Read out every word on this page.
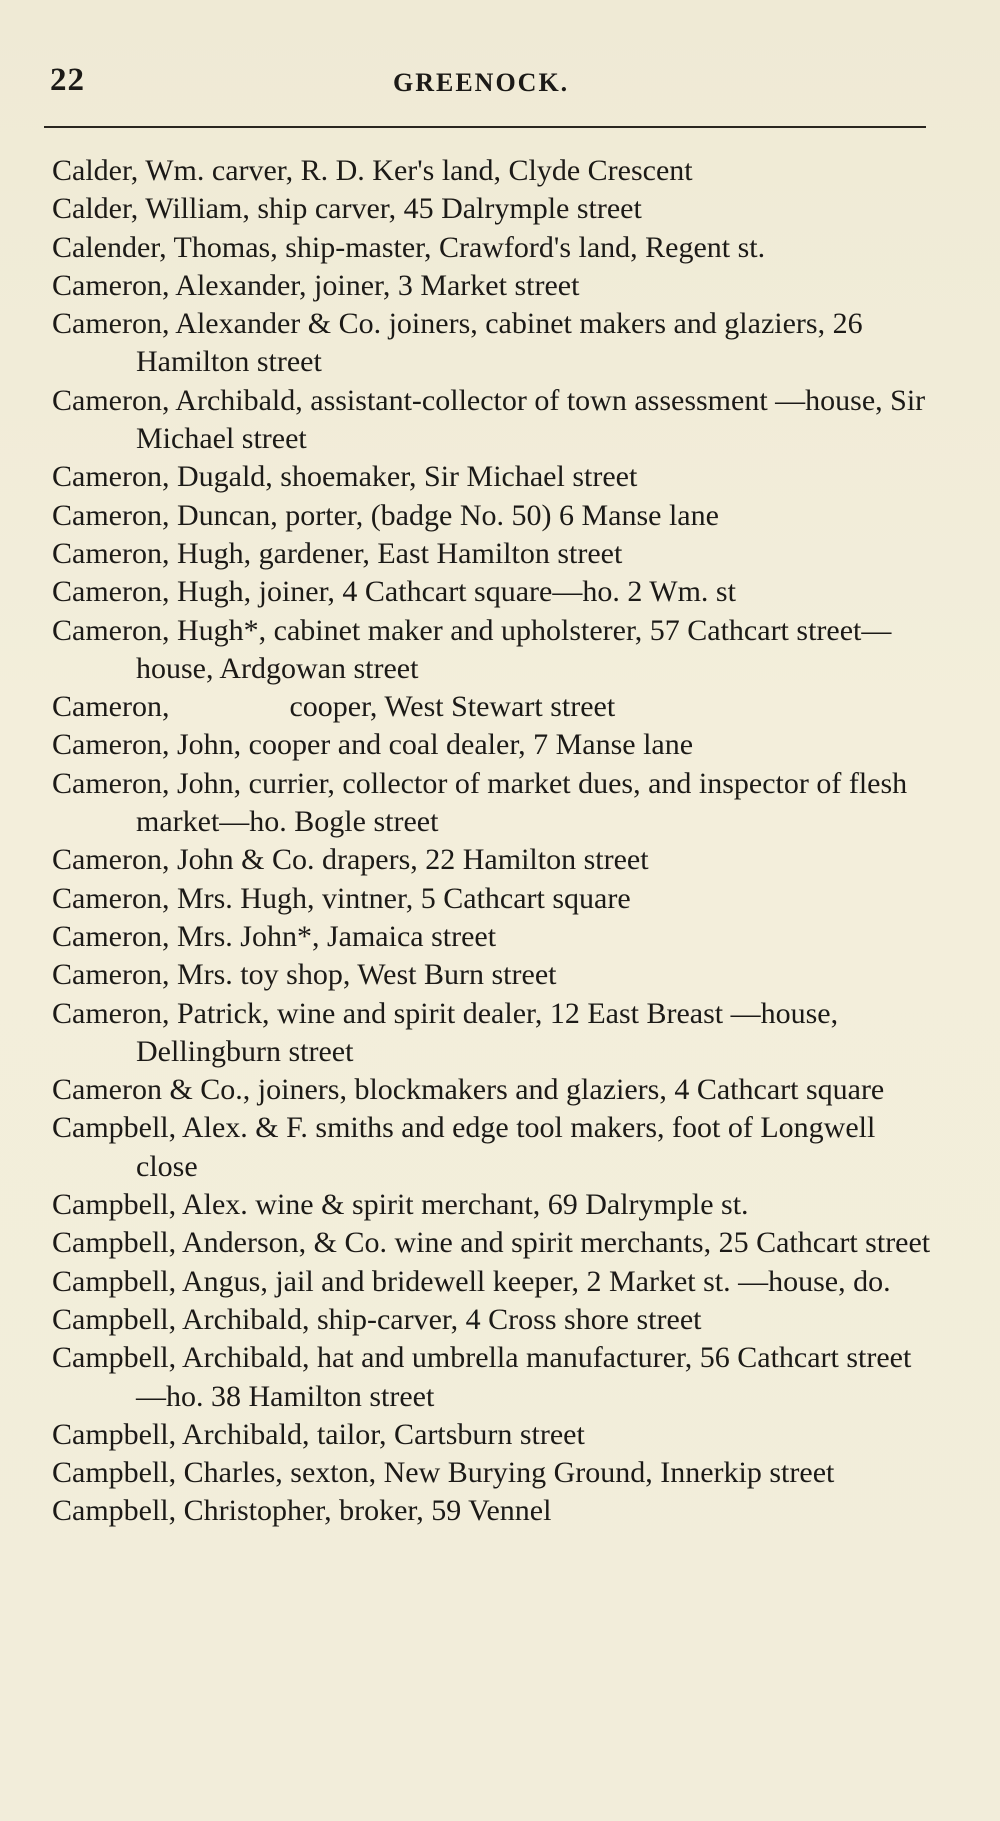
22	GREENOCK.
Calder, Wm. carver, R. D. Ker's land, Clyde Crescent
Calder, William, ship carver, 45 Dalrymple street
Calender, Thomas, ship-master, Crawford's land, Regent st.
Cameron, Alexander, joiner, 3 Market street
Cameron, Alexander & Co. joiners, cabinet makers and glaziers, 26 Hamilton street
Cameron, Archibald, assistant-collector of town assessment —house, Sir Michael street
Cameron, Dugald, shoemaker, Sir Michael street
Cameron, Duncan, porter, (badge No. 50) 6 Manse lane
Cameron, Hugh, gardener, East Hamilton street
Cameron, Hugh, joiner, 4 Cathcart square—ho. 2 Wm. st
Cameron, Hugh*, cabinet maker and upholsterer, 57 Cathcart street—house, Ardgowan street
Cameron,                cooper, West Stewart street
Cameron, John, cooper and coal dealer, 7 Manse lane
Cameron, John, currier, collector of market dues, and inspector of flesh market—ho. Bogle street
Cameron, John & Co. drapers, 22 Hamilton street
Cameron, Mrs. Hugh, vintner, 5 Cathcart square
Cameron, Mrs. John*, Jamaica street
Cameron, Mrs. toy shop, West Burn street
Cameron, Patrick, wine and spirit dealer, 12 East Breast —house, Dellingburn street
Cameron & Co., joiners, blockmakers and glaziers, 4 Cathcart square
Campbell, Alex. & F. smiths and edge tool makers, foot of Longwell close
Campbell, Alex. wine & spirit merchant, 69 Dalrymple st.
Campbell, Anderson, & Co. wine and spirit merchants, 25 Cathcart street
Campbell, Angus, jail and bridewell keeper, 2 Market st. —house, do.
Campbell, Archibald, ship-carver, 4 Cross shore street
Campbell, Archibald, hat and umbrella manufacturer, 56 Cathcart street—ho. 38 Hamilton street
Campbell, Archibald, tailor, Cartsburn street
Campbell, Charles, sexton, New Burying Ground, Innerkip street
Campbell, Christopher, broker, 59 Vennel
